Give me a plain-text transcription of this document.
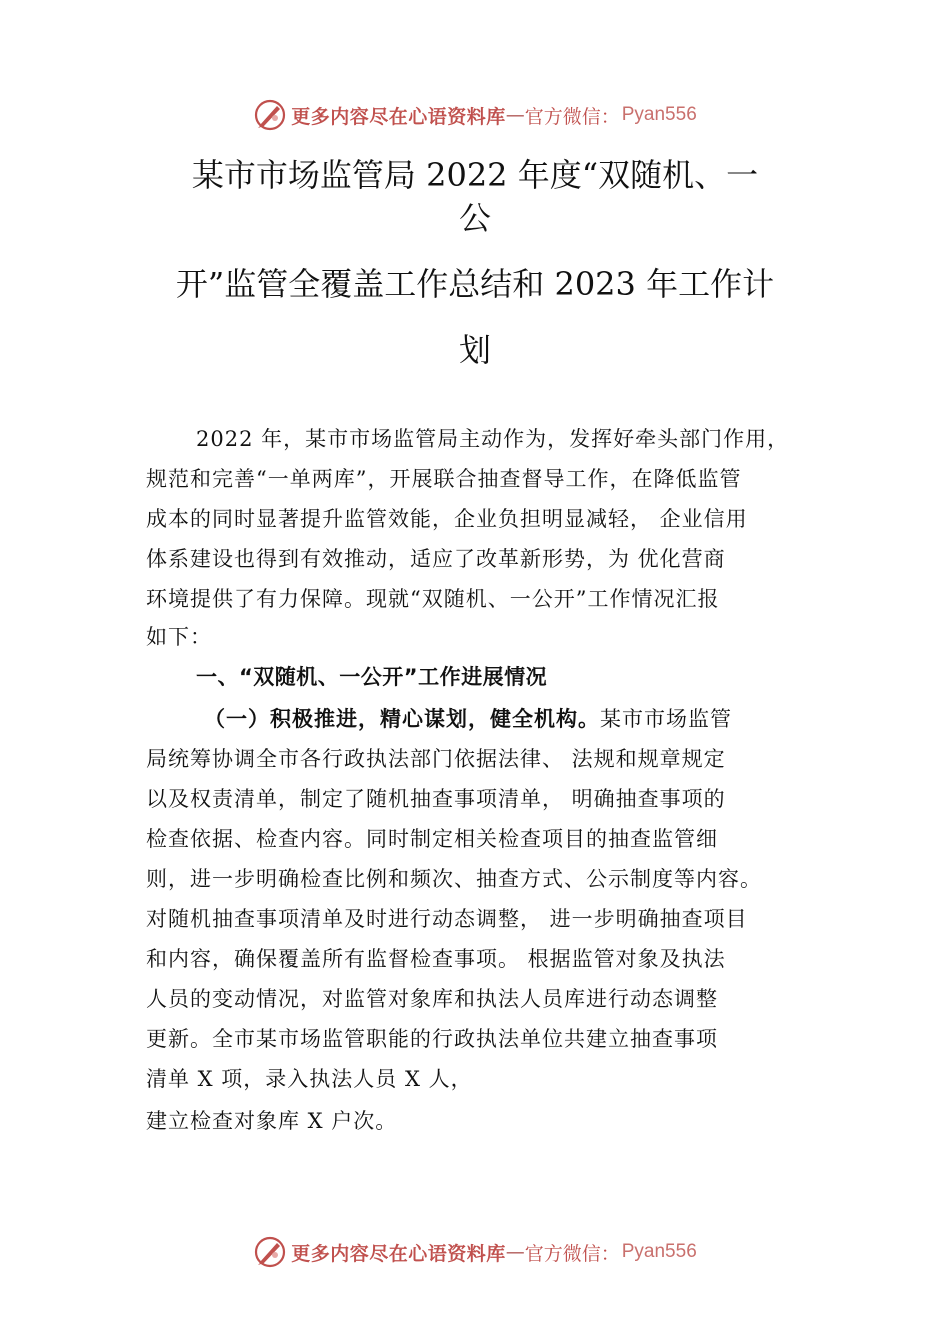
更多内容尽在心语资料库 — 官方微信： Pyan556
某市市场监管局 2022 年度“双随机、一
公
开”监管全覆盖工作总结和 2023 年工作计
划
2022 年，某市市场监管局主动作为，发挥好牵头部门作用，
规范和完善“一单两库”，开展联合抽查督导工作，在降低监管
成本的同时显著提升监管效能，企业负担明显减轻， 企业信用
体系建设也得到有效推动，适应了改革新形势，为 优化营商
环境提供了有力保障。现就“双随机、一公开”工作情况汇报
如下：
一、“双随机、一公开”工作进展情况
（一）积极推进，精心谋划，健全机构。某市市场监管
局统筹协调全市各行政执法部门依据法律、 法规和规章规定
以及权责清单，制定了随机抽查事项清单， 明确抽查事项的
检查依据、检查内容。同时制定相关检查项目的抽查监管细
则，进一步明确检查比例和频次、抽查方式、公示制度等内容。
对随机抽查事项清单及时进行动态调整， 进一步明确抽查项目
和内容，确保覆盖所有监督检查事项。 根据监管对象及执法
人员的变动情况，对监管对象库和执法人员库进行动态调整
更新。全市某市场监管职能的行政执法单位共建立抽查事项
清单 X 项，录入执法人员 X 人，
建立检查对象库 X 户次。
更多内容尽在心语资料库 — 官方微信： Pyan556
